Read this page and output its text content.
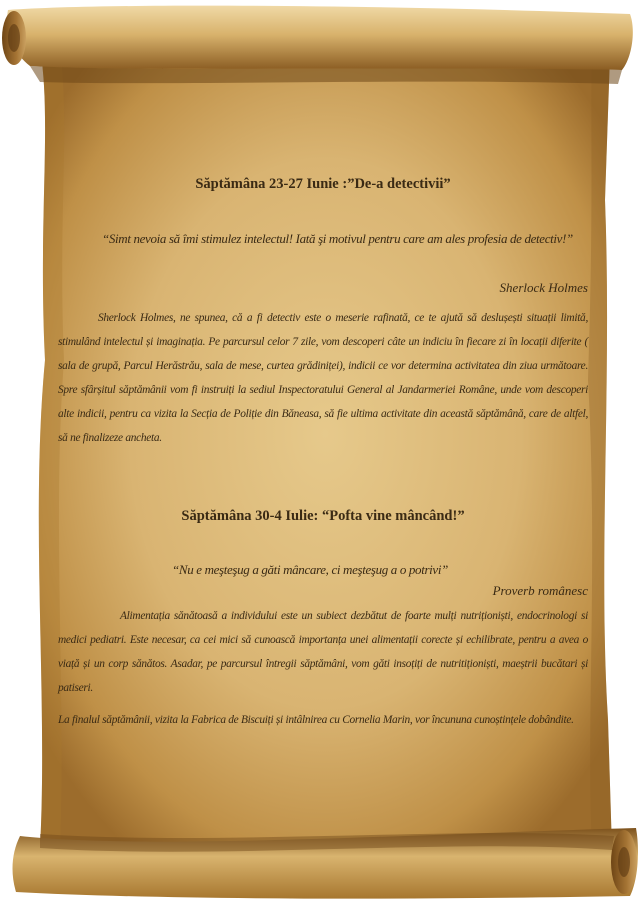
Săptămâna 23-27 Iunie :”De-a detectivii”
“Simt nevoia să îmi stimulez intelectul! Iată şi motivul pentru care am ales profesia de detectiv!”
Sherlock Holmes

Sherlock Holmes, ne spunea, că a fi detectiv este o meserie rafinată, ce te ajută să deslușești situații limită, stimulând intelectul și imaginația. Pe parcursul celor 7 zile, vom descoperi câte un indiciu în fiecare zi în locații diferite ( sala de grupă, Parcul Herăstrău, sala de mese, curtea grădiniței), indicii ce vor determina activitatea din ziua următoare. Spre sfârșitul săptămânii vom fi instruiți la sediul Inspectoratului General al Jandarmeriei Române, unde vom descoperi alte indicii, pentru ca vizita la Secția de Poliție din Băneasa, să fie ultima activitate din această săptămână, care de altfel, să ne finalizeze ancheta.

Săptămâna 30-4 Iulie: “Pofta vine mâncând!”
“Nu e meşteşug a găti mâncare, ci meşteşug a o potrivi”
Proverb românesc

Alimentația sănătoasă a individului este un subiect dezbătut de foarte mulți nutriționiști, endocrinologi si medici pediatri. Este necesar, ca cei mici să cunoască importanța unei alimentații corecte și echilibrate, pentru a avea o viață și un corp sănătos. Asadar, pe parcursul întregii săptămâni, vom găti insoțiți de nutritiționiști, maeștrii bucătari și patiseri.

La finalul săptămânii, vizita la Fabrica de Biscuiți și intâlnirea cu Cornelia Marin, vor încununa cunoștințele dobândite.
